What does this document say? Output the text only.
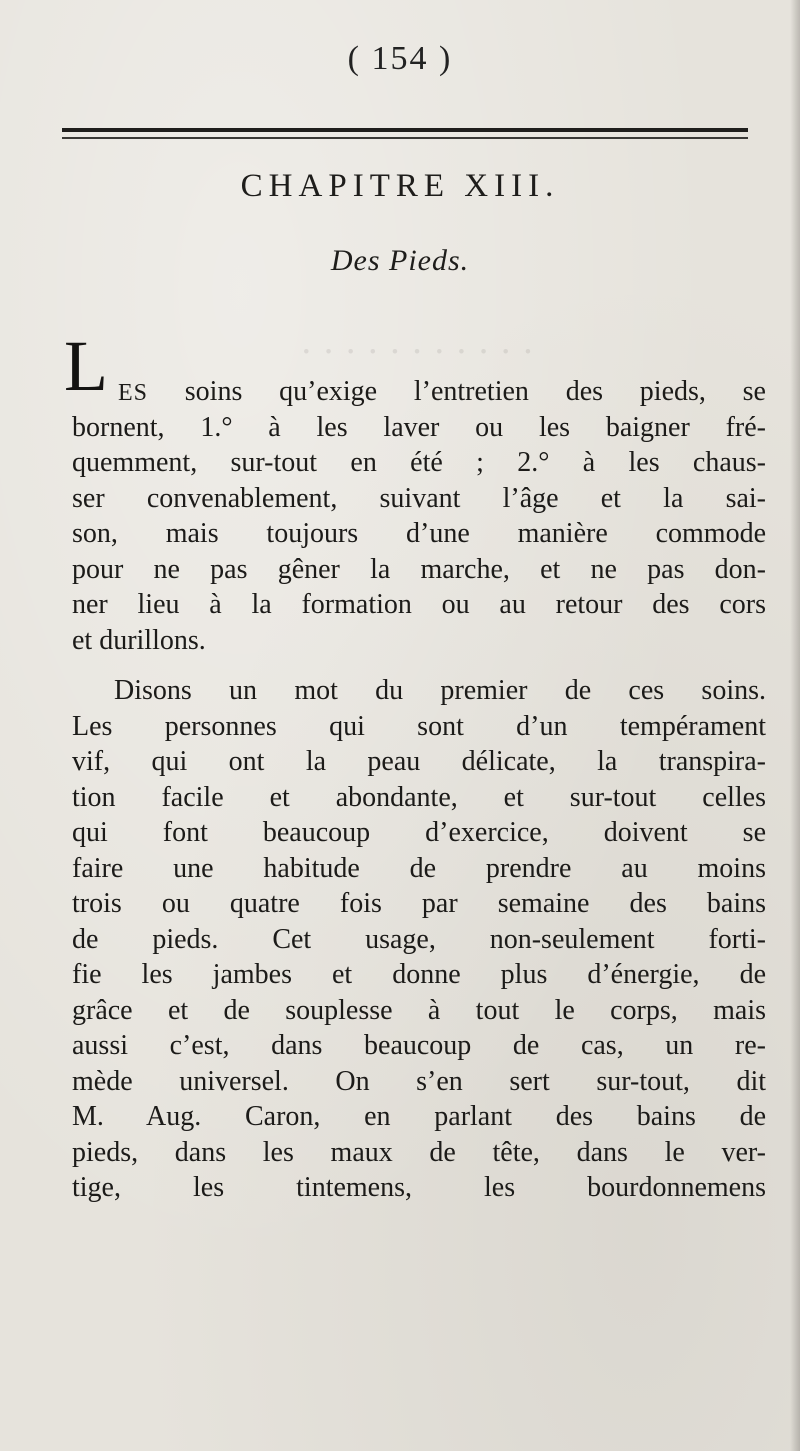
· · · · · · · · · · ·
( 154 )
CHAPITRE XIII.
Des Pieds.
L ES soins qu’exige l’entretien des pieds, se
bornent, 1.° à les laver ou les baigner fré-
quemment, sur-tout en été ; 2.° à les chaus-
ser convenablement, suivant l’âge et la sai-
son, mais toujours d’une manière commode
pour ne pas gêner la marche, et ne pas don-
ner lieu à la formation ou au retour des cors
et durillons.
Disons un mot du premier de ces soins.
Les personnes qui sont d’un tempérament
vif, qui ont la peau délicate, la transpira-
tion facile et abondante, et sur-tout celles
qui font beaucoup d’exercice, doivent se
faire une habitude de prendre au moins
trois ou quatre fois par semaine des bains
de pieds. Cet usage, non-seulement forti-
fie les jambes et donne plus d’énergie, de
grâce et de souplesse à tout le corps, mais
aussi c’est, dans beaucoup de cas, un re-
mède universel. On s’en sert sur-tout, dit
M. Aug. Caron, en parlant des bains de
pieds, dans les maux de tête, dans le ver-
tige, les tintemens, les bourdonnemens
